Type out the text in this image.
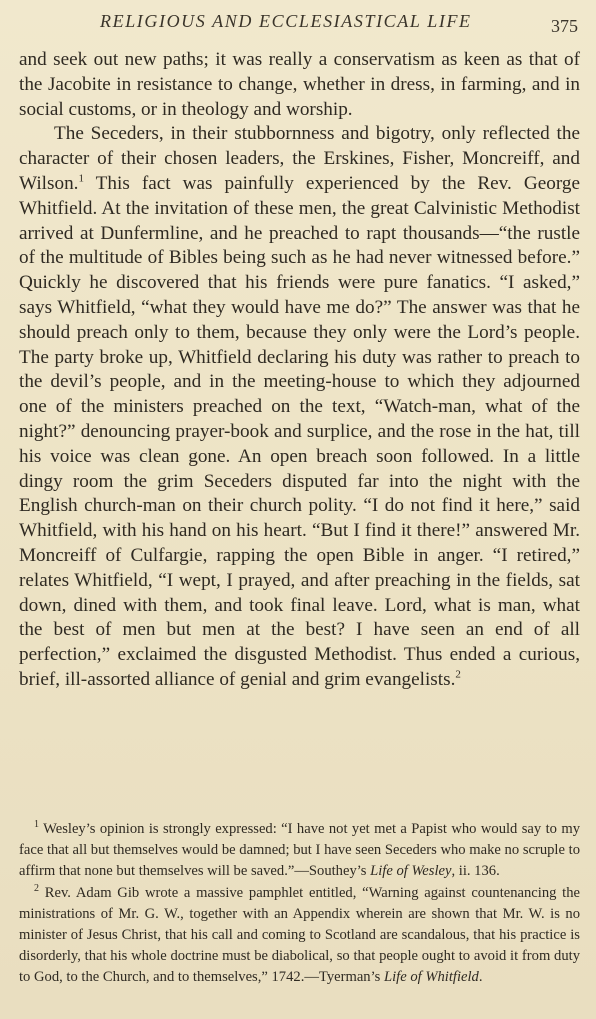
RELIGIOUS AND ECCLESIASTICAL LIFE	375

and seek out new paths; it was really a conservatism as keen as that of the Jacobite in resistance to change, whether in dress, in farming, and in social customs, or in theology and worship.

The Seceders, in their stubbornness and bigotry, only reflected the character of their chosen leaders, the Erskines, Fisher, Moncreiff, and Wilson.$^1$ This fact was painfully experienced by the Rev. George Whitfield. At the invitation of these men, the great Calvinistic Methodist arrived at Dunfermline, and he preached to rapt thousands—“the rustle of the multitude of Bibles being such as he had never witnessed before.” Quickly he discovered that his friends were pure fanatics. “I asked,” says Whitfield, “what they would have me do?” The answer was that he should preach only to them, because they only were the Lord’s people. The party broke up, Whitfield declaring his duty was rather to preach to the devil’s people, and in the meeting-house to which they adjourned one of the ministers preached on the text, “Watch-man, what of the night?” denouncing prayer-book and surplice, and the rose in the hat, till his voice was clean gone. An open breach soon followed. In a little dingy room the grim Seceders disputed far into the night with the English church-man on their church polity. “I do not find it here,” said Whitfield, with his hand on his heart. “But I find it there!” answered Mr. Moncreiff of Culfargie, rapping the open Bible in anger. “I retired,” relates Whitfield, “I wept, I prayed, and after preaching in the fields, sat down, dined with them, and took final leave. Lord, what is man, what the best of men but men at the best? I have seen an end of all perfection,” exclaimed the disgusted Methodist. Thus ended a curious, brief, ill-assorted alliance of genial and grim evangelists.$^2$

$^1$ Wesley’s opinion is strongly expressed: “I have not yet met a Papist who would say to my face that all but themselves would be damned; but I have seen Seceders who make no scruple to affirm that none but themselves will be saved.”—Southey’s Life of Wesley, ii. 136.

$^2$ Rev. Adam Gib wrote a massive pamphlet entitled, “Warning against countenancing the ministrations of Mr. G. W., together with an Appendix wherein are shown that Mr. W. is no minister of Jesus Christ, that his call and coming to Scotland are scandalous, that his practice is disorderly, that his whole doctrine must be diabolical, so that people ought to avoid it from duty to God, to the Church, and to themselves,” 1742.—Tyerman’s Life of Whitfield.
